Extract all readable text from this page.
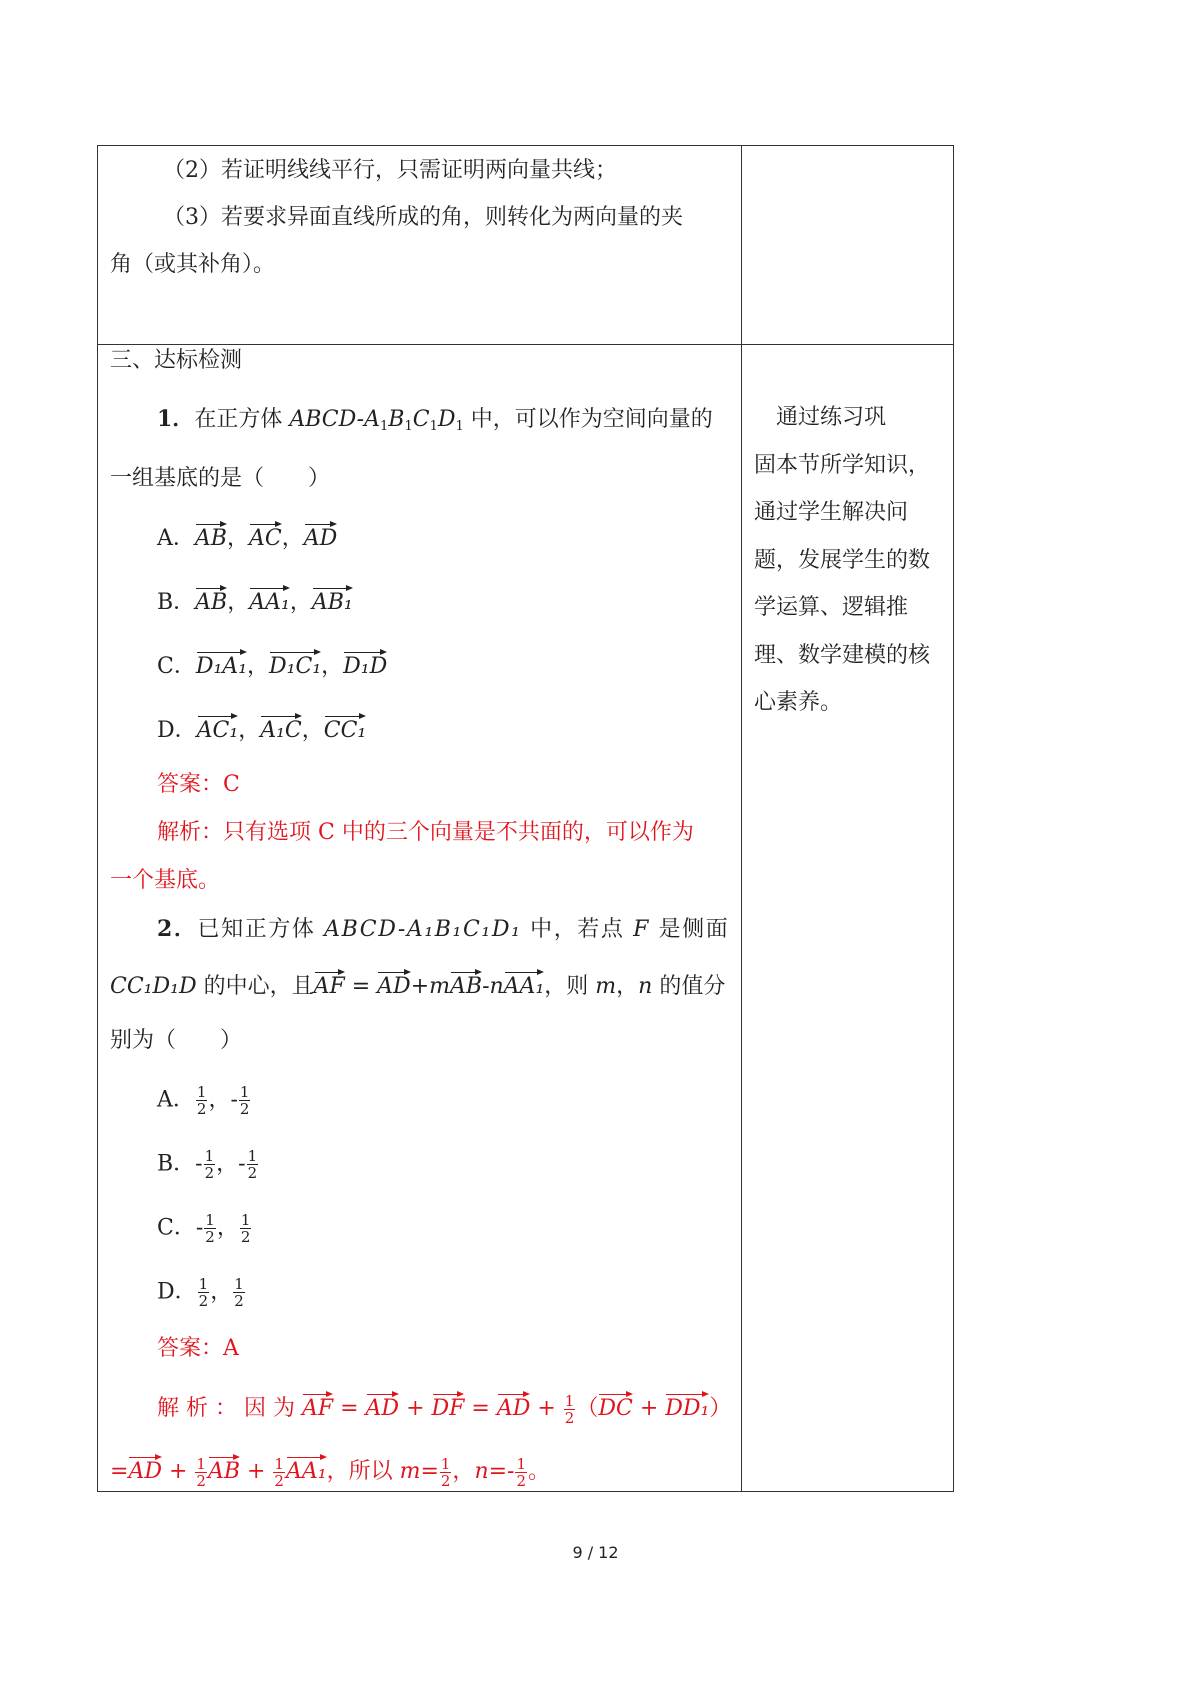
（2）若证明线线平行，只需证明两向量共线；
（3）若要求异面直线所成的角，则转化为两向量的夹
角（或其补角）。
三、达标检测
1．在正方体 ABCD-$A_1B_1C_1D_1$ 中，可以作为空间向量的
一组基底的是（　　）
A．AB，AC，AD
B．AB，AA₁，AB₁
C．D₁A₁，D₁C₁，D₁D
D．AC₁，A₁C，CC₁
答案：C
解析：只有选项 C 中的三个向量是不共面的，可以作为
一个基底。
2．已知正方体 ABCD-A₁B₁C₁D₁ 中，若点 F 是侧面
CC₁D₁D 的中心，且AF = AD+mAB-nAA₁，则 m，n 的值分
别为（　　）
A． $\frac{1}{2}$ ，- $\frac{1}{2}$
B．- $\frac{1}{2}$ ，- $\frac{1}{2}$
C．- $\frac{1}{2}$ ， $\frac{1}{2}$
D． $\frac{1}{2}$ ， $\frac{1}{2}$
答案：A
解 析 ： 因 为 AF = AD + DF = AD + $\frac{1}{2} (DC + DD_1)$
$=AD + \frac{1}{2}$ AB + $\frac{1}{2} AA_1$，所以 $m= \frac{1}{2}$ ，$n=- \frac{1}{2}$ 。
　通过练习巩
固本节所学知识，
通过学生解决问
题，发展学生的数
学运算、逻辑推
理、数学建模的核
心素养。
9 / 12
